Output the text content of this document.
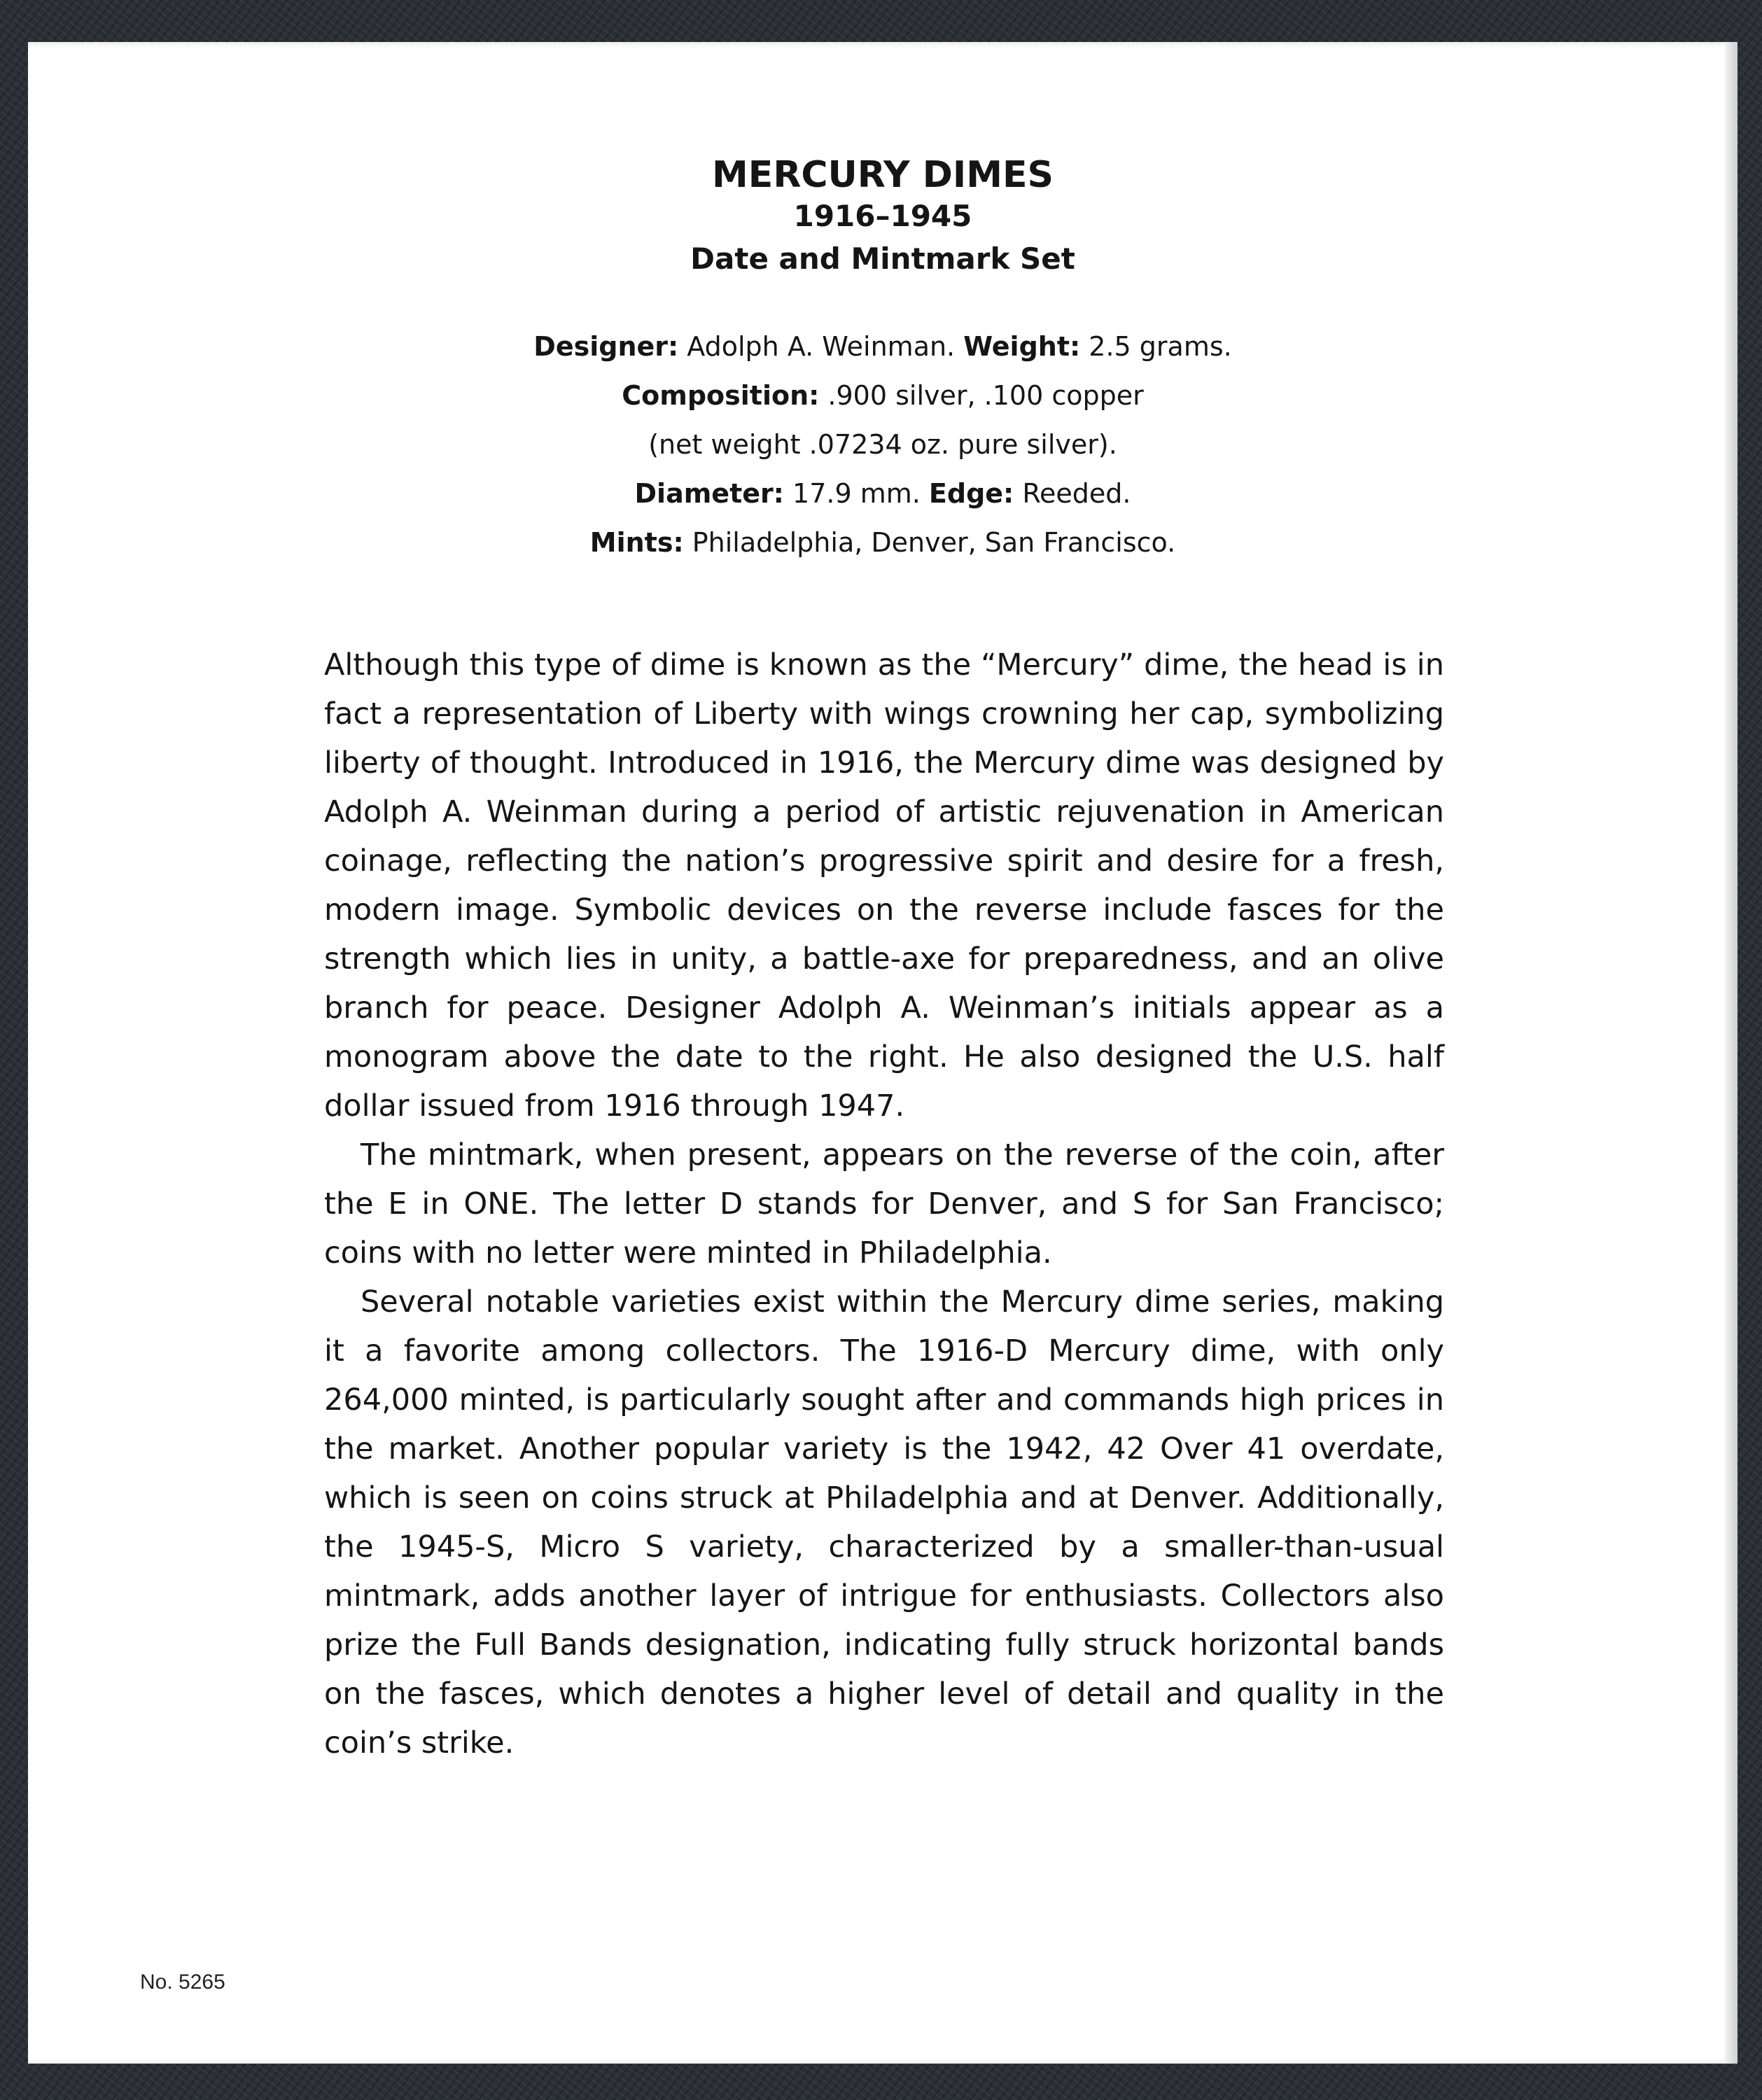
MERCURY DIMES
1916–1945
Date and Mintmark Set
Designer: Adolph A. Weinman. Weight: 2.5 grams.
Composition: .900 silver, .100 copper
(net weight .07234 oz. pure silver).
Diameter: 17.9 mm. Edge: Reeded.
Mints: Philadelphia, Denver, San Francisco.

Although this type of dime is known as the “Mercury” dime, the head is in fact a representation of Liberty with wings crowning her cap, symbolizing liberty of thought. Introduced in 1916, the Mercury dime was designed by Adolph A. Weinman during a period of artistic rejuvenation in American coinage, reflecting the nation’s progressive spirit and desire for a fresh, modern image. Symbolic devices on the reverse include fasces for the strength which lies in unity, a battle-axe for preparedness, and an olive branch for peace. Designer Adolph A. Weinman’s initials appear as a monogram above the date to the right. He also designed the U.S. half dollar issued from 1916 through 1947.

The mintmark, when present, appears on the reverse of the coin, after the E in ONE. The letter D stands for Denver, and S for San Francisco; coins with no letter were minted in Philadelphia.

Several notable varieties exist within the Mercury dime series, making it a favorite among collectors. The 1916-D Mercury dime, with only 264,000 minted, is particularly sought after and commands high prices in the market. Another popular variety is the 1942, 42 Over 41 overdate, which is seen on coins struck at Philadelphia and at Denver. Additionally, the 1945-S, Micro S variety, characterized by a smaller-than-usual mintmark, adds another layer of intrigue for enthusiasts. Collectors also prize the Full Bands designation, indicating fully struck horizontal bands on the fasces, which denotes a higher level of detail and quality in the coin’s strike.

No. 5265
